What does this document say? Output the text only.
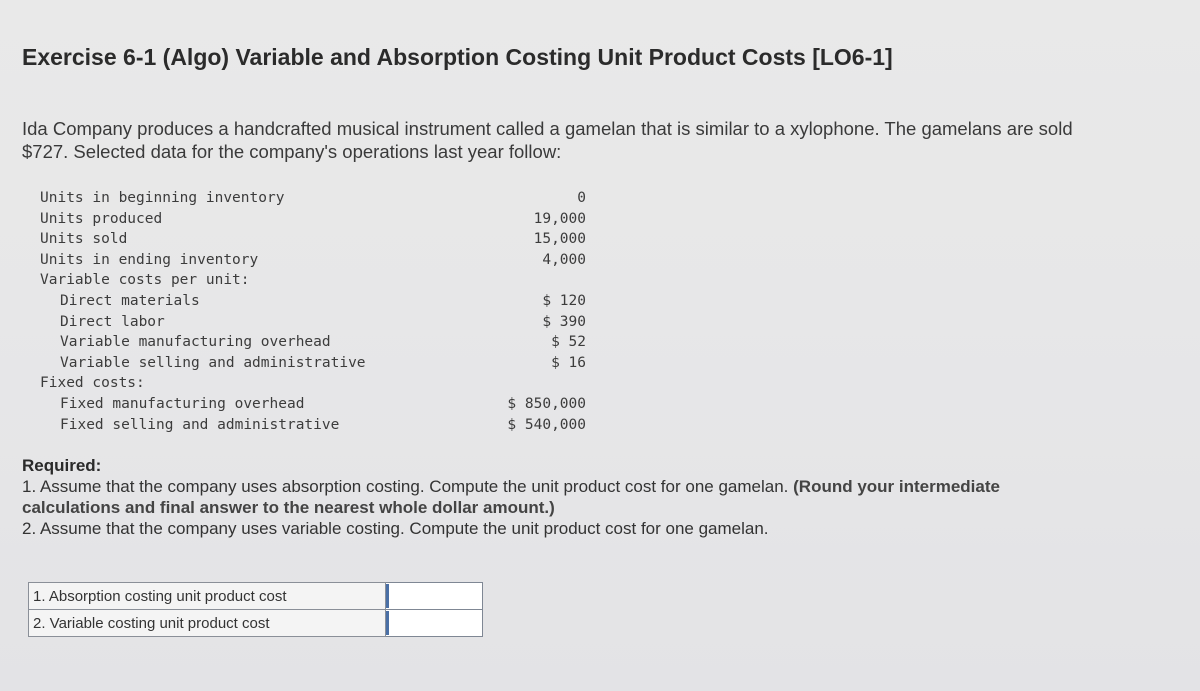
Exercise 6-1 (Algo) Variable and Absorption Costing Unit Product Costs [LO6-1]
Ida Company produces a handcrafted musical instrument called a gamelan that is similar to a xylophone. The gamelans are sold
$727. Selected data for the company's operations last year follow:
Units in beginning inventory	0
Units produced	19,000
Units sold	15,000
Units in ending inventory	4,000
Variable costs per unit:
Direct materials	$ 120
Direct labor	$ 390
Variable manufacturing overhead	$ 52
Variable selling and administrative	$ 16
Fixed costs:
Fixed manufacturing overhead	$ 850,000
Fixed selling and administrative	$ 540,000
Required:
1. Assume that the company uses absorption costing. Compute the unit product cost for one gamelan. (Round your intermediate
calculations and final answer to the nearest whole dollar amount.)
2. Assume that the company uses variable costing. Compute the unit product cost for one gamelan.
1. Absorption costing unit product cost	
2. Variable costing unit product cost	
